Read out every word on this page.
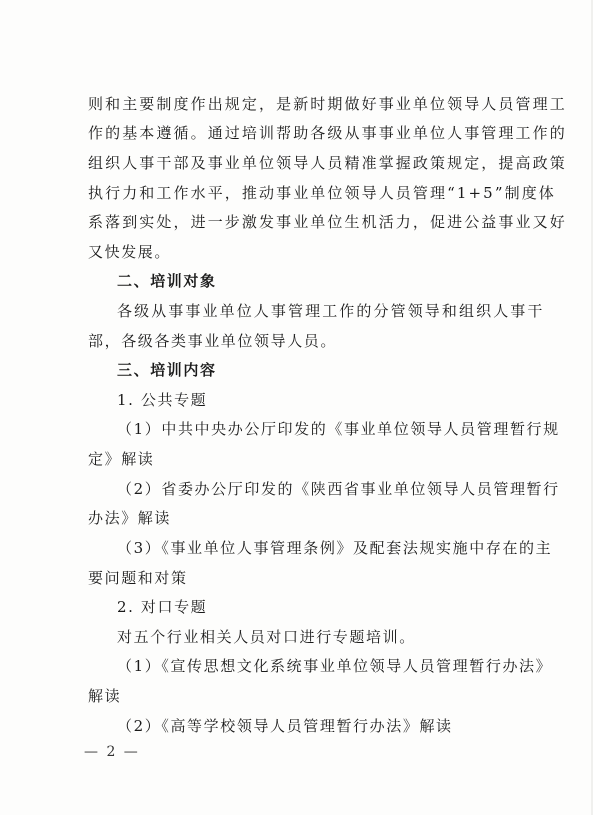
则和主要制度作出规定，是新时期做好事业单位领导人员管理工
作的基本遵循。通过培训帮助各级从事事业单位人事管理工作的
组织人事干部及事业单位领导人员精准掌握政策规定，提高政策
执行力和工作水平，推动事业单位领导人员管理“1+5”制度体
系落到实处，进一步激发事业单位生机活力，促进公益事业又好
又快发展。
二、培训对象
各级从事事业单位人事管理工作的分管领导和组织人事干
部，各级各类事业单位领导人员。
三、培训内容
1. 公共专题
（1）中共中央办公厅印发的《事业单位领导人员管理暂行规
定》解读
（2）省委办公厅印发的《陕西省事业单位领导人员管理暂行
办法》解读
（3）《事业单位人事管理条例》及配套法规实施中存在的主
要问题和对策
2. 对口专题
对五个行业相关人员对口进行专题培训。
（1）《宣传思想文化系统事业单位领导人员管理暂行办法》
解读
（2）《高等学校领导人员管理暂行办法》解读
— 2 —
